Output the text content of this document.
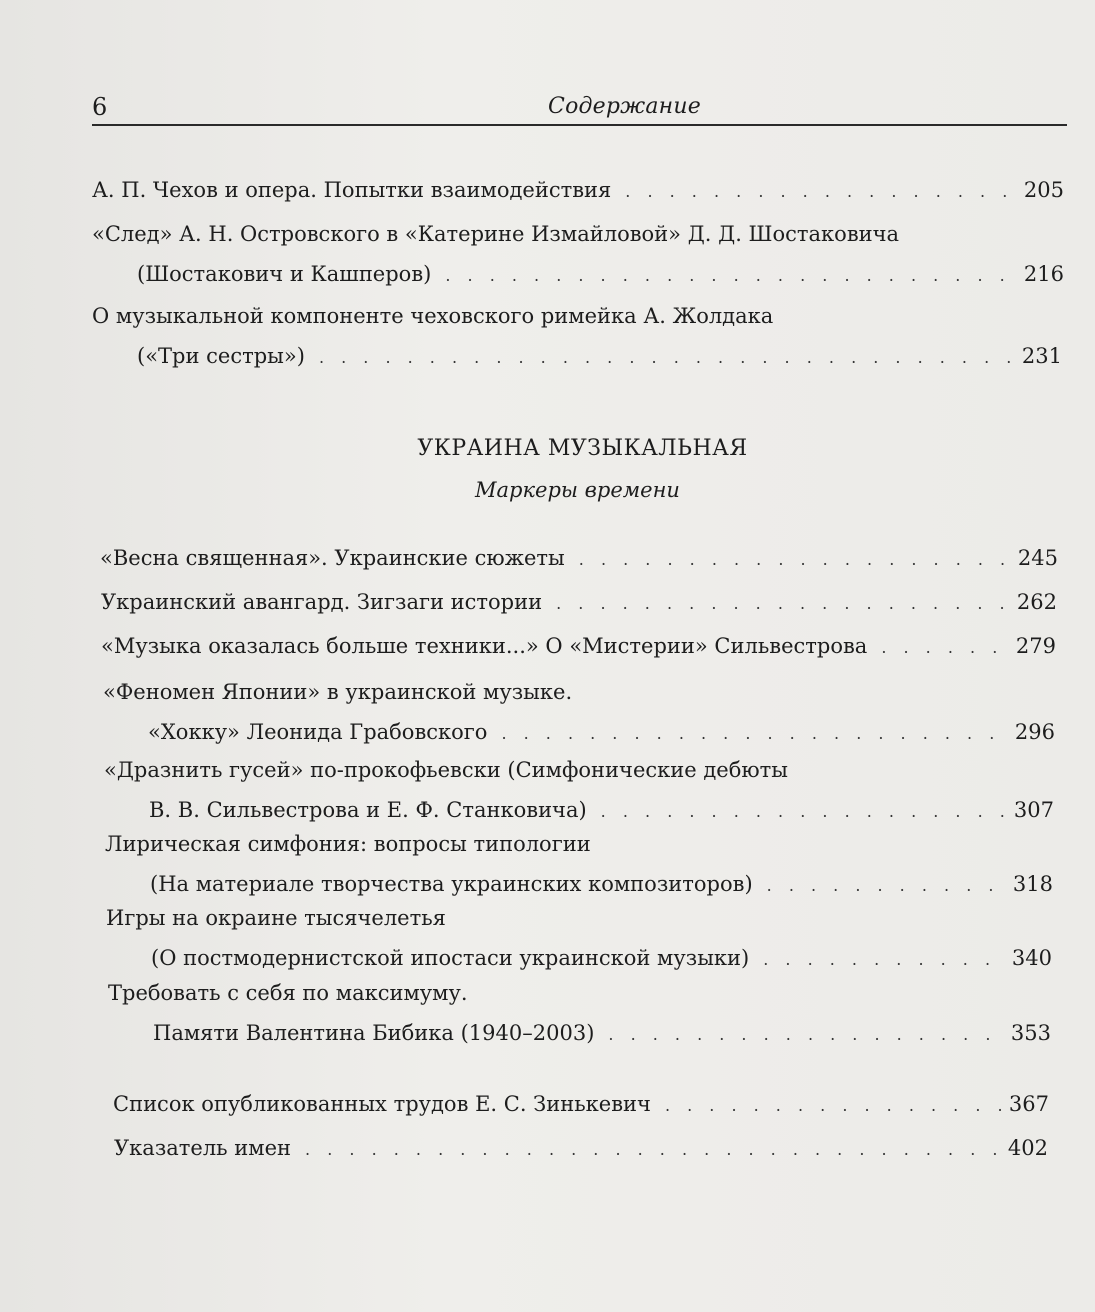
6	Содержание
А. П. Чехов и опера. Попытки взаимодействия . . .	205
«След» А. Н. Островского в «Катерине Измайловой» Д. Д. Шостаковича
(Шостакович и Кашперов) . . .	216
О музыкальной компоненте чеховского римейка А. Жолдака
(«Три сестры») . . .	231
УКРАИНА МУЗЫКАЛЬНАЯ
Маркеры времени
«Весна священная». Украинские сюжеты . . .	245
Украинский авангард. Зигзаги истории . . .	262
«Музыка оказалась больше техники...» О «Мистерии» Сильвестрова . . .	279
«Феномен Японии» в украинской музыке.
«Хокку» Леонида Грабовского . . .	296
«Дразнить гусей» по-прокофьевски (Симфонические дебюты
В. В. Сильвестрова и Е. Ф. Станковича) . . .	307
Лирическая симфония: вопросы типологии
(На материале творчества украинских композиторов) . . .	318
Игры на окраине тысячелетья
(О постмодернистской ипостаси украинской музыки) . . .	340
Требовать с себя по максимуму.
Памяти Валентина Бибика (1940–2003) . . .	353
Список опубликованных трудов Е. С. Зинькевич . . .	367
Указатель имен . . .	402
